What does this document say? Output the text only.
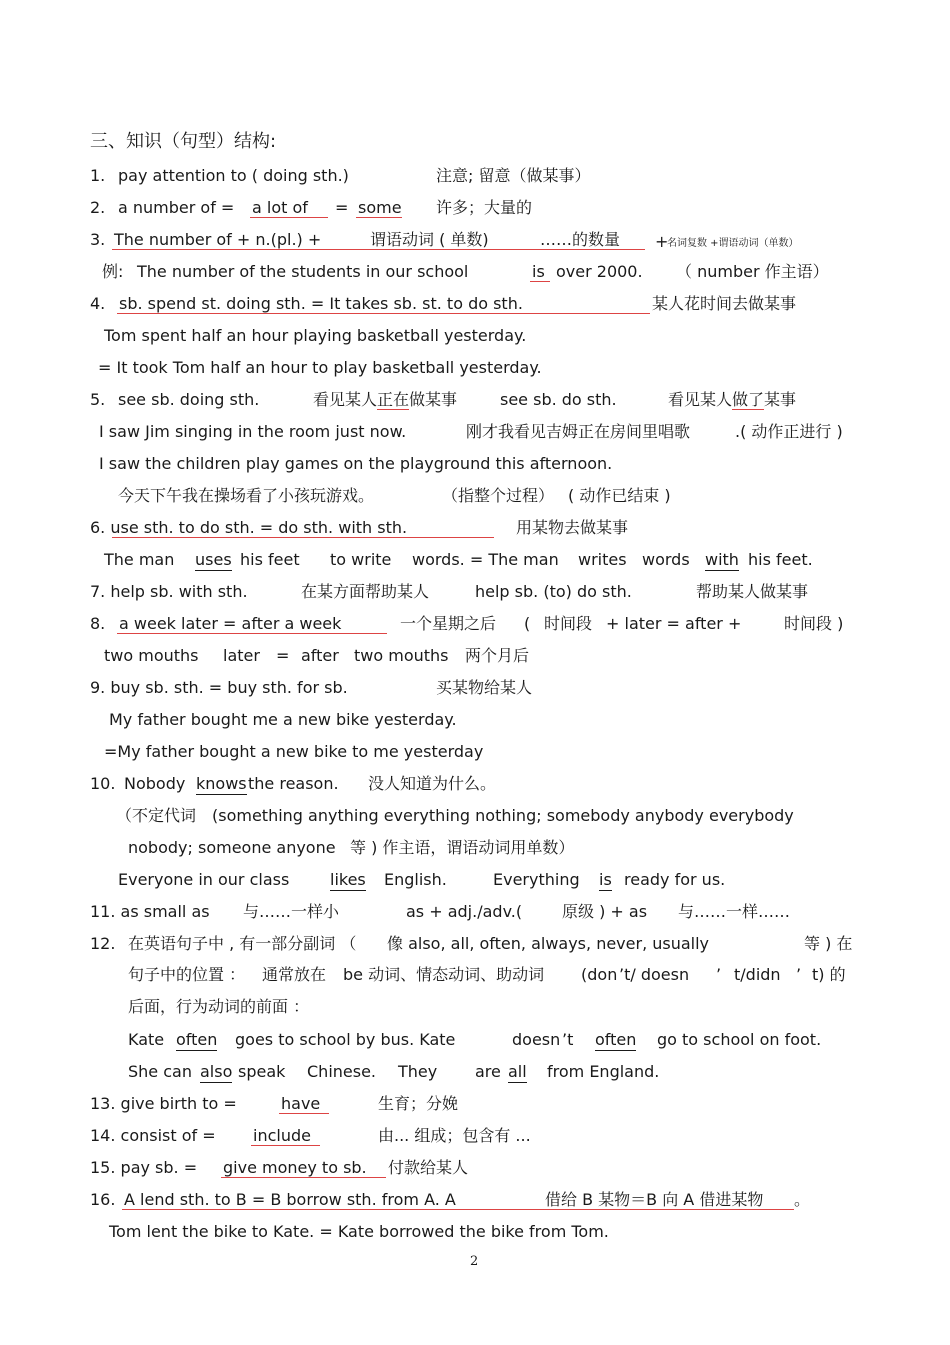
三、知识（句型）结构:
1. pay attention to ( doing sth.)	注意; 留意（做某事）
2. a number of = a lot of = some 许多；大量的
3. The number of + n.(pl.) +	谓语动词 ( 单数)	……的数量 +
名词复数 +谓语动词（单数）
例: The number of the students in our school	is over 2000. （ number 作主语）
4. sb. spend st. doing sth. = It takes sb. st. to do sth.	某人花时间去做某事
Tom spent half an hour playing basketball yesterday.
= It took Tom half an hour to play basketball yesterday.
5. see sb. doing sth.	看见某人正在做某事	see sb. do sth.	看见某人做了某事
I saw Jim singing in the room just now.	刚才我看见吉姆正在房间里唱歌	.( 动作正进行 )
I saw the children play games on the playground this afternoon.
今天下午我在操场看了小孩玩游戏。	（指整个过程） ( 动作已结束 )
6. use sth. to do sth. = do sth. with sth.	用某物去做某事
The man uses his feet to write words. = The man writes words with his feet.
7. help sb. with sth.	在某方面帮助某人	help sb. (to) do sth.	帮助某人做某事
8. a week later = after a week	一个星期之后 ( 时间段 + later = after +	时间段 )
two mouths later = after two mouths 两个月后
9. buy sb. sth. = buy sth. for sb.	买某物给某人
My father bought me a new bike yesterday.
=My father bought a new bike to me yesterday
10. Nobody knows the reason. 没人知道为什么。
（不定代词 (something anything everything nothing; somebody anybody everybody
nobody; someone anyone 等 ) 作主语，谓语动词用单数）
Everyone in our class	likes English.	Everything is ready for us.
11. as small as 与……一样小	as + adj./adv.( 原级 ) + as 与……一样……
12. 在英语句子中 , 有一部分副词 （ 像 also, all, often, always, never, usually	等 ) 在
句子中的位置 ： 通常放在 be 动词、情态动词、助动词 (don ’t/ doesn ’ t/didn ’ t) 的
后面，行为动词的前面 ：
Kate often goes to school by bus. Kate	doesn ’t often go to school on foot.
She can also speak Chinese. They are all from England.
13. give birth to =	have	生育；分娩
14. consist of = include	由... 组成；包含有 ...
15. pay sb. = give money to sb. 付款给某人
16. A lend sth. to B = B borrow sth. from A. A	借给 B 某物＝B 向 A 借进某物 。
Tom lent the bike to Kate. = Kate borrowed the bike from Tom.
2
